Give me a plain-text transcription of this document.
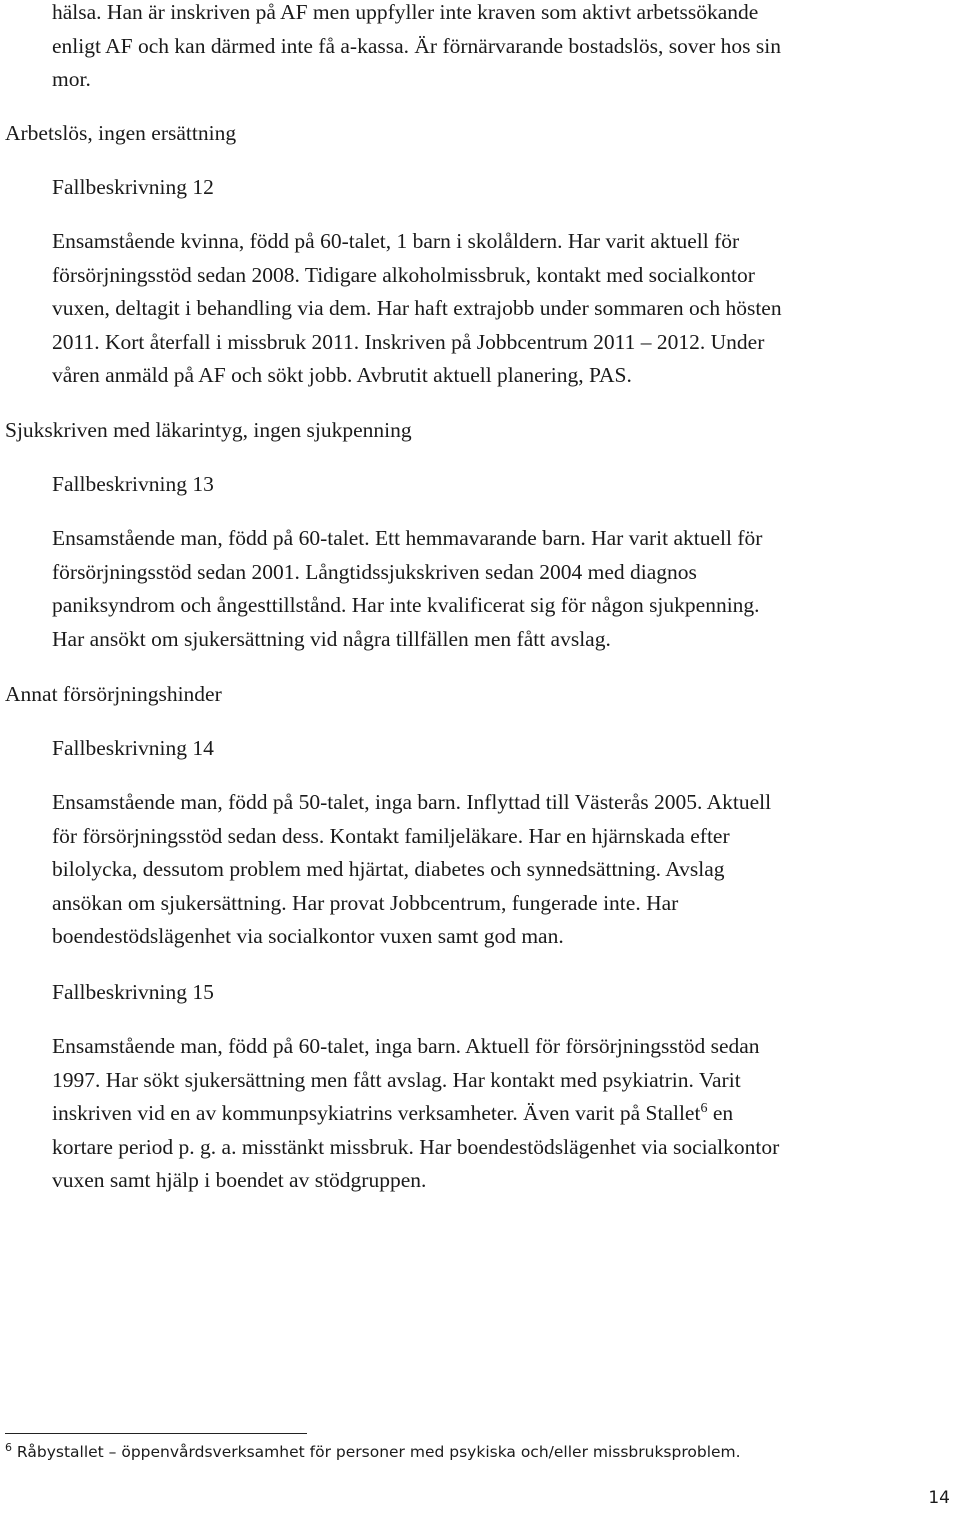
hälsa. Han är inskriven på AF men uppfyller inte kraven som aktivt arbetssökande
enligt AF och kan därmed inte få a-kassa. Är förnärvarande bostadslös, sover hos sin
mor.
Arbetslös, ingen ersättning
Fallbeskrivning 12
Ensamstående kvinna, född på 60-talet, 1 barn i skolåldern. Har varit aktuell för
försörjningsstöd sedan 2008. Tidigare alkoholmissbruk, kontakt med socialkontor
vuxen, deltagit i behandling via dem. Har haft extrajobb under sommaren och hösten
2011. Kort återfall i missbruk 2011. Inskriven på Jobbcentrum 2011 – 2012. Under
våren anmäld på AF och sökt jobb. Avbrutit aktuell planering, PAS.
Sjukskriven med läkarintyg, ingen sjukpenning
Fallbeskrivning 13
Ensamstående man, född på 60-talet. Ett hemmavarande barn. Har varit aktuell för
försörjningsstöd sedan 2001. Långtidssjukskriven sedan 2004 med diagnos
paniksyndrom och ångesttillstånd. Har inte kvalificerat sig för någon sjukpenning.
Har ansökt om sjukersättning vid några tillfällen men fått avslag.
Annat försörjningshinder
Fallbeskrivning 14
Ensamstående man, född på 50-talet, inga barn. Inflyttad till Västerås 2005. Aktuell
för försörjningsstöd sedan dess. Kontakt familjeläkare. Har en hjärnskada efter
bilolycka, dessutom problem med hjärtat, diabetes och synnedsättning. Avslag
ansökan om sjukersättning. Har provat Jobbcentrum, fungerade inte. Har
boendestödslägenhet via socialkontor vuxen samt god man.
Fallbeskrivning 15
Ensamstående man, född på 60-talet, inga barn. Aktuell för försörjningsstöd sedan
1997. Har sökt sjukersättning men fått avslag. Har kontakt med psykiatrin. Varit
inskriven vid en av kommunpsykiatrins verksamheter. Även varit på Stallet$^6$ en
kortare period p. g. a. misstänkt missbruk. Har boendestödslägenhet via socialkontor
vuxen samt hjälp i boendet av stödgruppen.

$^6$ Råbystallet – öppenvårdsverksamhet för personer med psykiska och/eller missbruksproblem.

14
